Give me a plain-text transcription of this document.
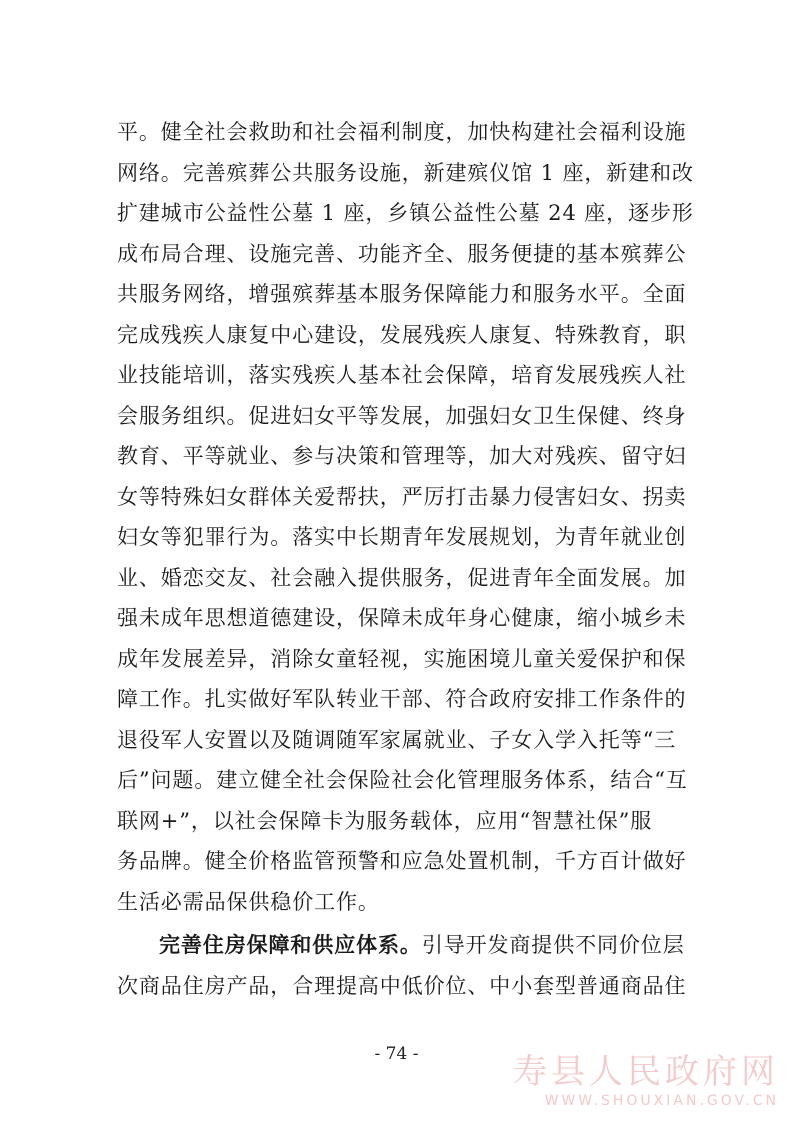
平。健全社会救助和社会福利制度，加快构建社会福利设施
网络。完善殡葬公共服务设施，新建殡仪馆 1 座，新建和改
扩建城市公益性公墓 1 座，乡镇公益性公墓 24 座，逐步形
成布局合理、设施完善、功能齐全、服务便捷的基本殡葬公
共服务网络，增强殡葬基本服务保障能力和服务水平。全面
完成残疾人康复中心建设，发展残疾人康复、特殊教育，职
业技能培训，落实残疾人基本社会保障，培育发展残疾人社
会服务组织。促进妇女平等发展，加强妇女卫生保健、终身
教育、平等就业、参与决策和管理等，加大对残疾、留守妇
女等特殊妇女群体关爱帮扶，严厉打击暴力侵害妇女、拐卖
妇女等犯罪行为。落实中长期青年发展规划，为青年就业创
业、婚恋交友、社会融入提供服务，促进青年全面发展。加
强未成年思想道德建设，保障未成年身心健康，缩小城乡未
成年发展差异，消除女童轻视，实施困境儿童关爱保护和保
障工作。扎实做好军队转业干部、符合政府安排工作条件的
退役军人安置以及随调随军家属就业、子女入学入托等“三
后”问题。建立健全社会保险社会化管理服务体系，结合“互
联网+”，以社会保障卡为服务载体，应用“智慧社保”服
务品牌。健全价格监管预警和应急处置机制，千方百计做好
生活必需品保供稳价工作。
完善住房保障和供应体系。引导开发商提供不同价位层
次商品住房产品，合理提高中低价位、中小套型普通商品住
- 74 -	寿县人民政府网
WWW.SHOUXIAN.GOV.CN
